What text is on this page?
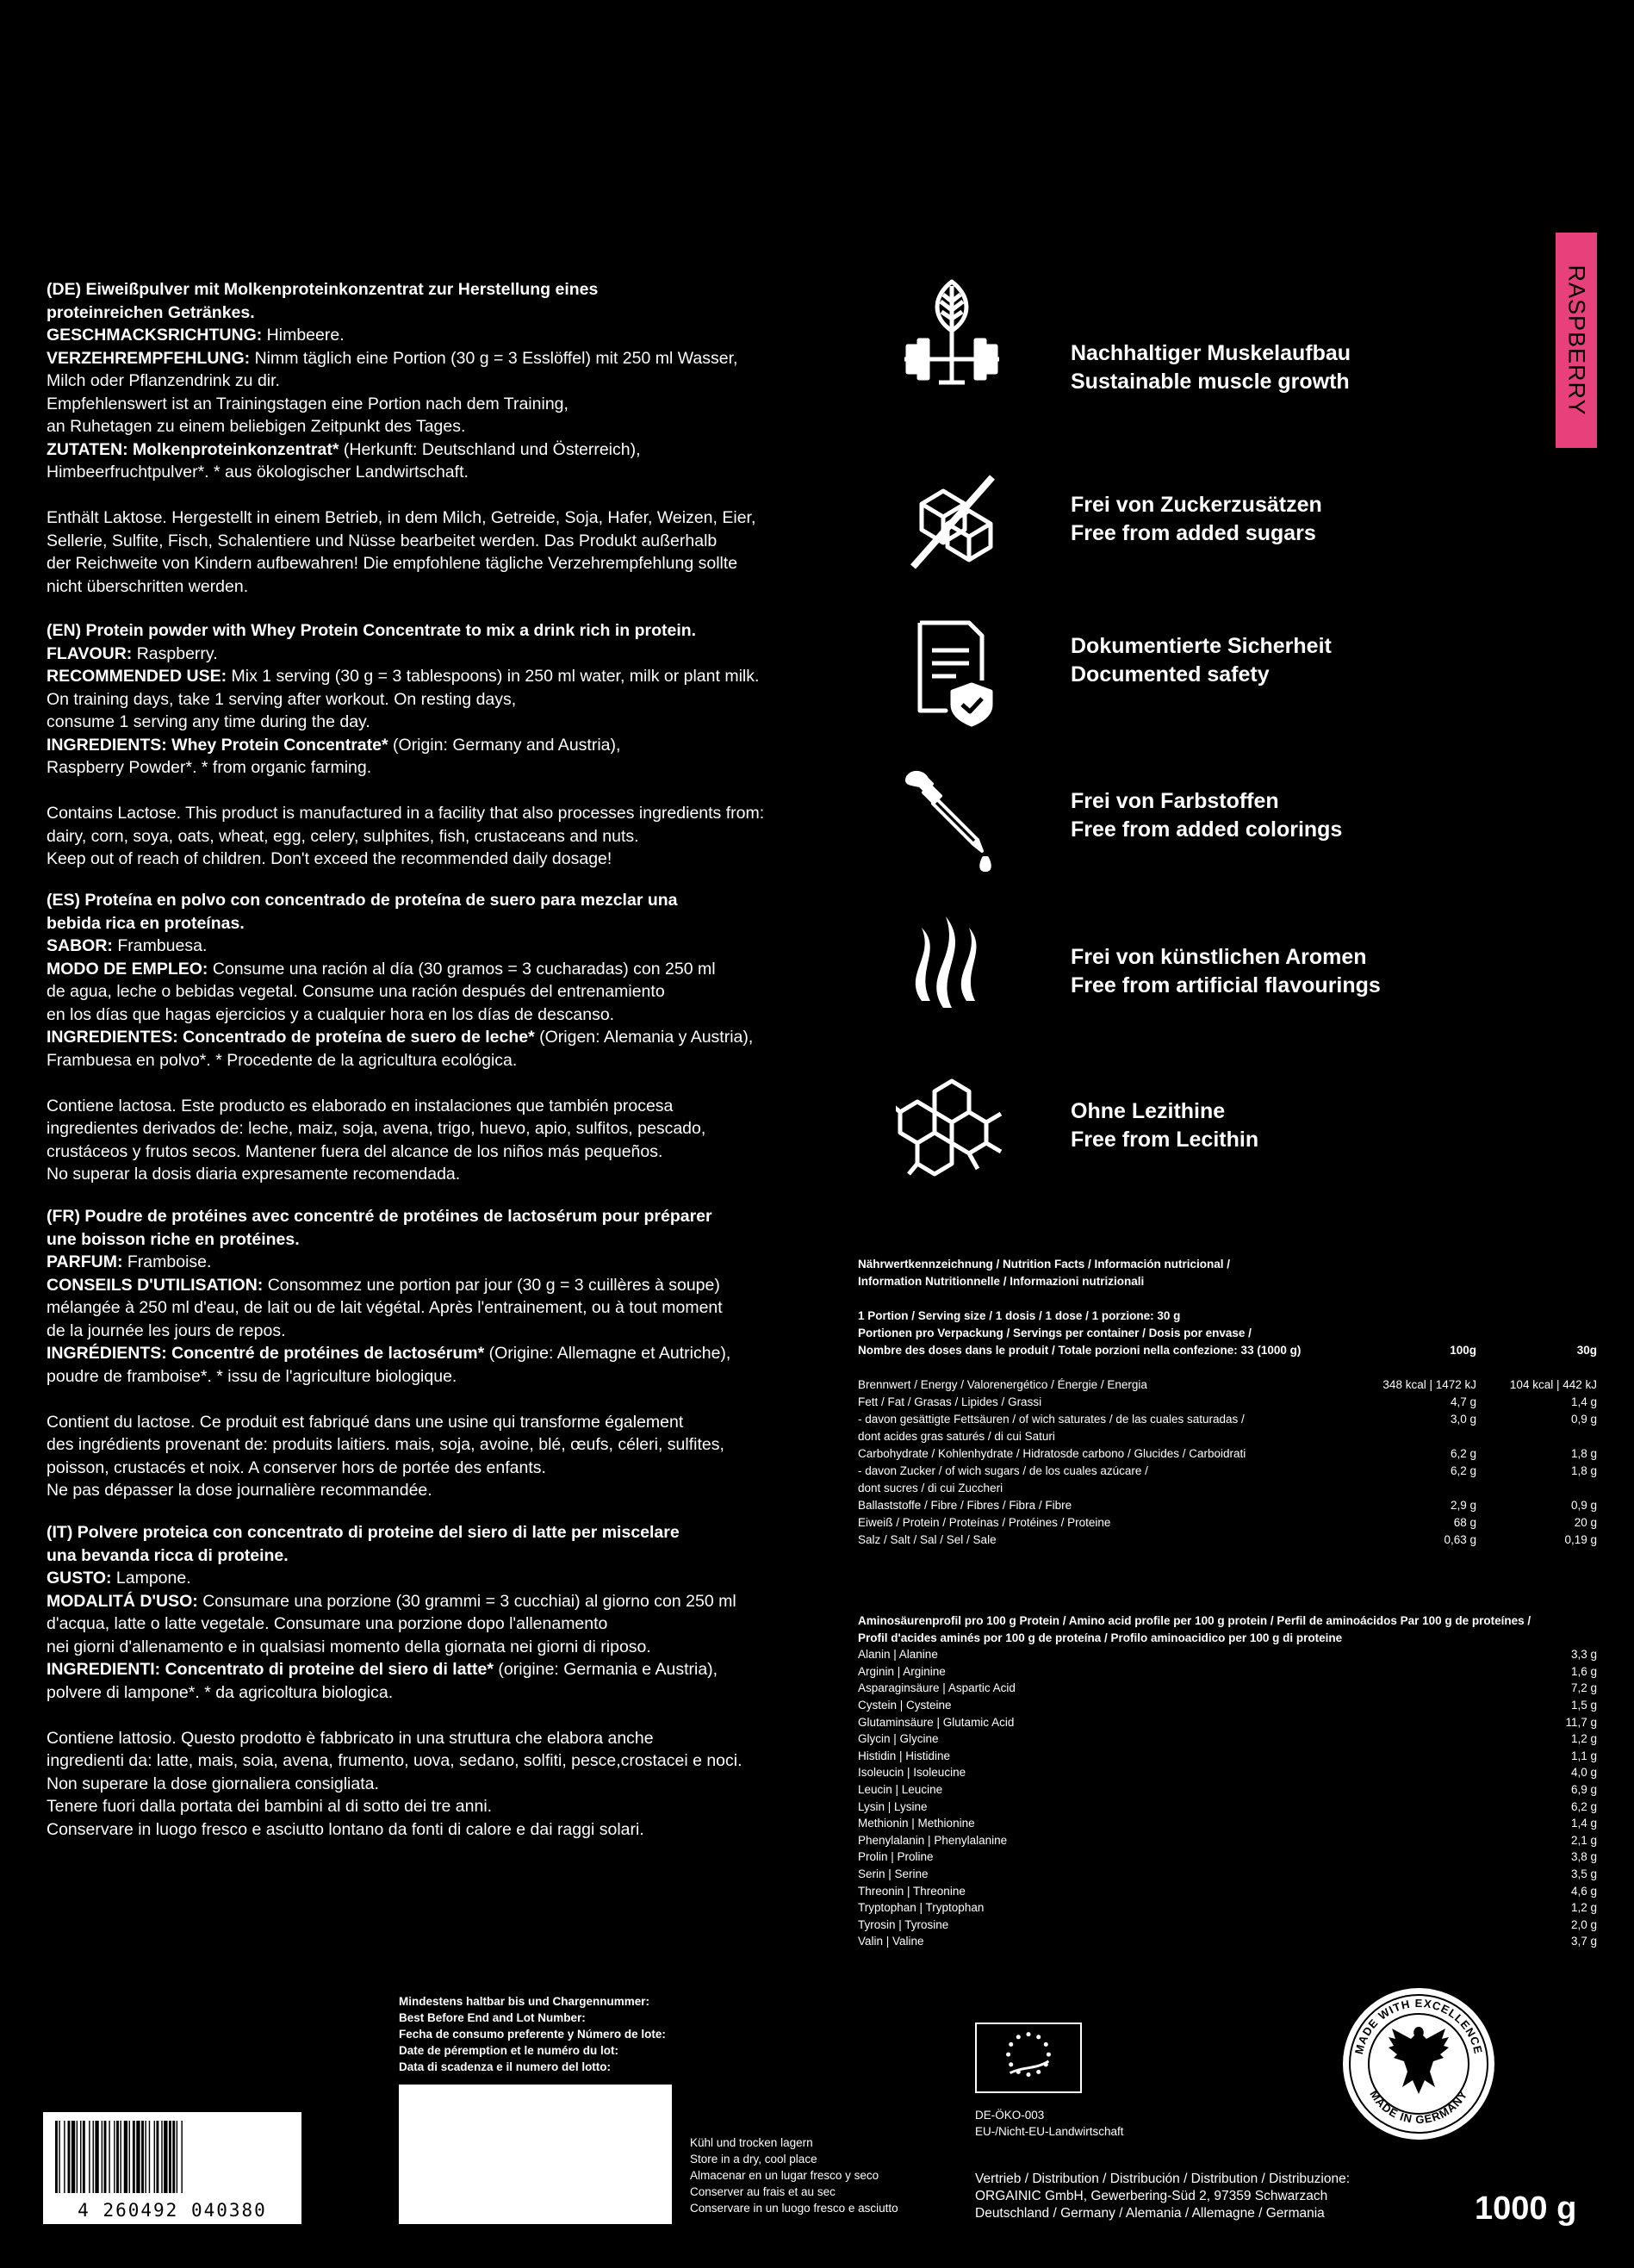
RASPBERRY
(DE) Eiweißpulver mit Molkenproteinkonzentrat zur Herstellung eines
proteinreichen Getränkes.
GESCHMACKSRICHTUNG: Himbeere.
VERZEHREMPFEHLUNG: Nimm täglich eine Portion (30 g = 3 Esslöffel) mit 250 ml Wasser,
Milch oder Pflanzendrink zu dir.
Empfehlenswert ist an Trainingstagen eine Portion nach dem Training,
an Ruhetagen zu einem beliebigen Zeitpunkt des Tages.
ZUTATEN: Molkenproteinkonzentrat* (Herkunft: Deutschland und Österreich),
Himbeerfruchtpulver*. * aus ökologischer Landwirtschaft.

Enthält Laktose. Hergestellt in einem Betrieb, in dem Milch, Getreide, Soja, Hafer, Weizen, Eier,
Sellerie, Sulfite, Fisch, Schalentiere und Nüsse bearbeitet werden. Das Produkt außerhalb
der Reichweite von Kindern aufbewahren! Die empfohlene tägliche Verzehrempfehlung sollte
nicht überschritten werden.
(EN) Protein powder with Whey Protein Concentrate to mix a drink rich in protein.
FLAVOUR: Raspberry.
RECOMMENDED USE: Mix 1 serving (30 g = 3 tablespoons) in 250 ml water, milk or plant milk.
On training days, take 1 serving after workout. On resting days,
consume 1 serving any time during the day.
INGREDIENTS: Whey Protein Concentrate* (Origin: Germany and Austria),
Raspberry Powder*. * from organic farming.

Contains Lactose. This product is manufactured in a facility that also processes ingredients from:
dairy, corn, soya, oats, wheat, egg, celery, sulphites, fish, crustaceans and nuts.
Keep out of reach of children. Don't exceed the recommended daily dosage!
(ES) Proteína en polvo con concentrado de proteína de suero para mezclar una
bebida rica en proteínas.
SABOR: Frambuesa.
MODO DE EMPLEO: Consume una ración al día (30 gramos = 3 cucharadas) con 250 ml
de agua, leche o bebidas vegetal. Consume una ración después del entrenamiento
en los días que hagas ejercicios y a cualquier hora en los días de descanso.
INGREDIENTES: Concentrado de proteína de suero de leche* (Origen: Alemania y Austria),
Frambuesa en polvo*. * Procedente de la agricultura ecológica.

Contiene lactosa. Este producto es elaborado en instalaciones que también procesa
ingredientes derivados de: leche, maiz, soja, avena, trigo, huevo, apio, sulfitos, pescado,
crustáceos y frutos secos. Mantener fuera del alcance de los niños más pequeños.
No superar la dosis diaria expresamente recomendada.
(FR) Poudre de protéines avec concentré de protéines de lactosérum pour préparer
une boisson riche en protéines.
PARFUM: Framboise.
CONSEILS D'UTILISATION: Consommez une portion par jour (30 g = 3 cuillères à soupe)
mélangée à 250 ml d'eau, de lait ou de lait végétal. Après l'entrainement, ou à tout moment
de la journée les jours de repos.
INGRÉDIENTS: Concentré de protéines de lactosérum* (Origine: Allemagne et Autriche),
poudre de framboise*. * issu de l'agriculture biologique.

Contient du lactose. Ce produit est fabriqué dans une usine qui transforme également
des ingrédients provenant de: produits laitiers. mais, soja, avoine, blé, œufs, céleri, sulfites,
poisson, crustacés et noix. A conserver hors de portée des enfants.
Ne pas dépasser la dose journalière recommandée.
(IT) Polvere proteica con concentrato di proteine del siero di latte per miscelare
una bevanda ricca di proteine.
GUSTO: Lampone.
MODALITÁ D'USO: Consumare una porzione (30 grammi = 3 cucchiai) al giorno con 250 ml
d'acqua, latte o latte vegetale. Consumare una porzione dopo l'allenamento
nei giorni d'allenamento e in qualsiasi momento della giornata nei giorni di riposo.
INGREDIENTI: Concentrato di proteine del siero di latte* (origine: Germania e Austria),
polvere di lampone*. * da agricoltura biologica.

Contiene lattosio. Questo prodotto è fabbricato in una struttura che elabora anche
ingredienti da: latte, mais, soia, avena, frumento, uova, sedano, solfiti, pesce,crostacei e noci.
Non superare la dose giornaliera consigliata.
Tenere fuori dalla portata dei bambini al di sotto dei tre anni.
Conservare in luogo fresco e asciutto lontano da fonti di calore e dai raggi solari.
Nachhaltiger Muskelaufbau
Sustainable muscle growth
Frei von Zuckerzusätzen
Free from added sugars
Dokumentierte Sicherheit
Documented safety
Frei von Farbstoffen
Free from added colorings
Frei von künstlichen Aromen
Free from artificial flavourings
Ohne Lezithine
Free from Lecithin
Nährwertkennzeichnung / Nutrition Facts / Información nutricional /
Information Nutritionnelle / Informazioni nutrizionali
1 Portion / Serving size / 1 dosis / 1 dose / 1 porzione: 30 g
Portionen pro Verpackung / Servings per container / Dosis por envase /
Nombre des doses dans le produit / Totale porzioni nella confezione: 33 (1000 g)	100g	30g
Brennwert / Energy / Valorenergético / Énergie / Energia	348 kcal | 1472 kJ	104 kcal | 442 kJ
Fett / Fat / Grasas / Lipides / Grassi	4,7 g	1,4 g
- davon gesättigte Fettsäuren / of wich saturates / de las cuales saturadas /	3,0 g	0,9 g
dont acides gras saturés / di cui Saturi
Carbohydrate / Kohlenhydrate / Hidratosde carbono / Glucides / Carboidrati	6,2 g	1,8 g
- davon Zucker / of wich sugars / de los cuales azúcare /	6,2 g	1,8 g
dont sucres / di cui Zuccheri
Ballaststoffe / Fibre / Fibres / Fibra / Fibre	2,9 g	0,9 g
Eiweiß / Protein / Proteínas / Protéines / Proteine	68 g	20 g
Salz / Salt / Sal / Sel / Sale	0,63 g	0,19 g
Aminosäurenprofil pro 100 g Protein / Amino acid profile per 100 g protein / Perfil de aminoácidos Par 100 g de proteínes /
Profil d'acides aminés por 100 g de proteína / Profilo aminoacidico per 100 g di proteine
Alanin | Alanine	3,3 g
Arginin | Arginine	1,6 g
Asparaginsäure | Aspartic Acid	7,2 g
Cystein | Cysteine	1,5 g
Glutaminsäure | Glutamic Acid	11,7 g
Glycin | Glycine	1,2 g
Histidin | Histidine	1,1 g
Isoleucin | Isoleucine	4,0 g
Leucin | Leucine	6,9 g
Lysin | Lysine	6,2 g
Methionin | Methionine	1,4 g
Phenylalanin | Phenylalanine	2,1 g
Prolin | Proline	3,8 g
Serin | Serine	3,5 g
Threonin | Threonine	4,6 g
Tryptophan | Tryptophan	1,2 g
Tyrosin | Tyrosine	2,0 g
Valin | Valine	3,7 g
Mindestens haltbar bis und Chargennummer:
Best Before End and Lot Number:
Fecha de consumo preferente y Número de lote:
Date de péremption et le numéro du lot:
Data di scadenza e il numero del lotto:
Kühl und trocken lagern
Store in a dry, cool place
Almacenar en un lugar fresco y seco
Conserver au frais et au sec
Conservare in un luogo fresco e asciutto
4 260492 040380
DE-ÖKO-003
EU-/Nicht-EU-Landwirtschaft
MADE WITH EXCELLENCE
MADE IN GERMANY
Vertrieb / Distribution / Distribución / Distribution / Distribuzione:
ORGAINIC GmbH, Gewerbering-Süd 2, 97359 Schwarzach
Deutschland / Germany / Alemania / Allemagne / Germania	1000 g
